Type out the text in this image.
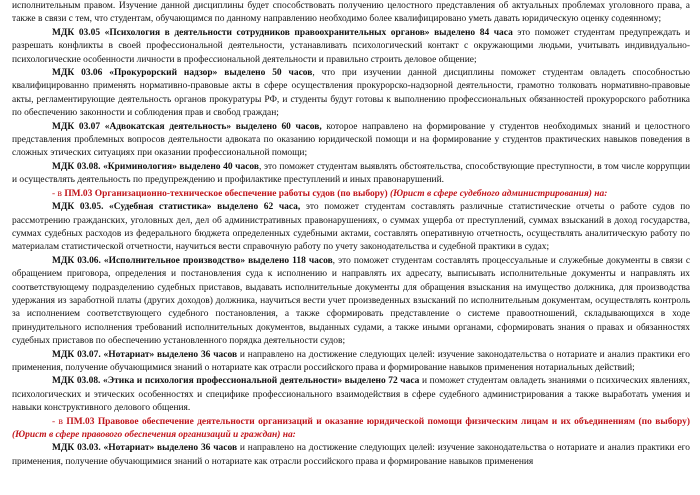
исполнительным правом. Изучение данной дисциплины будет способствовать получению целостного представления об актуальных проблемах уголовного права, а также в связи с тем, что студентам, обучающимся по данному направлению необходимо более квалифицировано уметь давать юридическую оценку содеянному;

МДК 03.05 «Психология в деятельности сотрудников правоохранительных органов» выделено 84 часа это поможет студентам предупреждать и разрешать конфликты в своей профессиональной деятельности, устанавливать психологический контакт с окружающими людьми, учитывать индивидуально-психологические особенности личности в профессиональной деятельности и правильно строить деловое общение;

МДК 03.06 «Прокурорский надзор» выделено 50 часов, что при изучении данной дисциплины поможет студентам овладеть способностью квалифицированно применять нормативно-правовые акты в сфере осуществления прокурорско-надзорной деятельности, грамотно толковать нормативно-правовые акты, регламентирующие деятельность органов прокуратуры РФ, и студенты будут готовы к выполнению профессиональных обязанностей прокурорского работника по обеспечению законности и соблюдения прав и свобод граждан;

МДК 03.07 «Адвокатская деятельность» выделено 60 часов, которое направлено на формирование у студентов необходимых знаний и целостного представления проблемных вопросов деятельности адвоката по оказанию юридической помощи и на формирование у студентов практических навыков поведения в сложных этических ситуациях при оказании профессиональной помощи;

МДК 03.08. «Криминология» выделено 40 часов, это поможет студентам выявлять обстоятельства, способствующие преступности, в том числе коррупции и осуществлять деятельность по предупреждению и профилактике преступлений и иных правонарушений.

- в ПМ.03 Организационно-техническое обеспечение работы судов (по выбору) (Юрист в сфере судебного администрирования) на:

МДК 03.05. «Судебная статистика» выделено 62 часа, это поможет студентам составлять различные статистические отчеты о работе судов по рассмотрению гражданских, уголовных дел, дел об административных правонарушениях, о суммах ущерба от преступлений, суммах взысканий в доход государства, суммах судебных расходов из федерального бюджета определенных судебными актами, составлять оперативную отчетность, осуществлять аналитическую работу по материалам статистической отчетности, научиться вести справочную работу по учету законодательства и судебной практики в судах;

МДК 03.06. «Исполнительное производство» выделено 118 часов, это поможет студентам составлять процессуальные и служебные документы в связи с обращением приговора, определения и постановления суда к исполнению и направлять их адресату, выписывать исполнительные документы и направлять их соответствующему подразделению судебных приставов, выдавать исполнительные документы для обращения взыскания на имущество должника, для производства удержания из заработной платы (других доходов) должника, научиться вести учет произведенных взысканий по исполнительным документам, осуществлять контроль за исполнением соответствующего судебного постановления, а также сформировать представление о системе правоотношений, складывающихся в ходе принудительного исполнения требований исполнительных документов, выданных судами, а также иными органами, сформировать знания о правах и обязанностях судебных приставов по обеспечению установленного порядка деятельности судов;

МДК 03.07. «Нотариат» выделено 36 часов и направлено на достижение следующих целей: изучение законодательства о нотариате и анализ практики его применения, получение обучающимися знаний о нотариате как отрасли российского права и формирование навыков применения нотариальных действий;

МДК 03.08. «Этика и психология профессиональной деятельности» выделено 72 часа и поможет студентам овладеть знаниями о психических явлениях, психологических и этических особенностях и специфике профессионального взаимодействия в сфере судебного администрирования а также выработать умения и навыки конструктивного делового общения.

- в ПМ.03 Правовое обеспечение деятельности организаций и оказание юридической помощи физическим лицам и их объединениям (по выбору) (Юрист в сфере правового обеспечения организаций и граждан) на:

МДК 03.03. «Нотариат» выделено 36 часов и направлено на достижение следующих целей: изучение законодательства о нотариате и анализ практики его применения, получение обучающимися знаний о нотариате как отрасли российского права и формирование навыков применения
